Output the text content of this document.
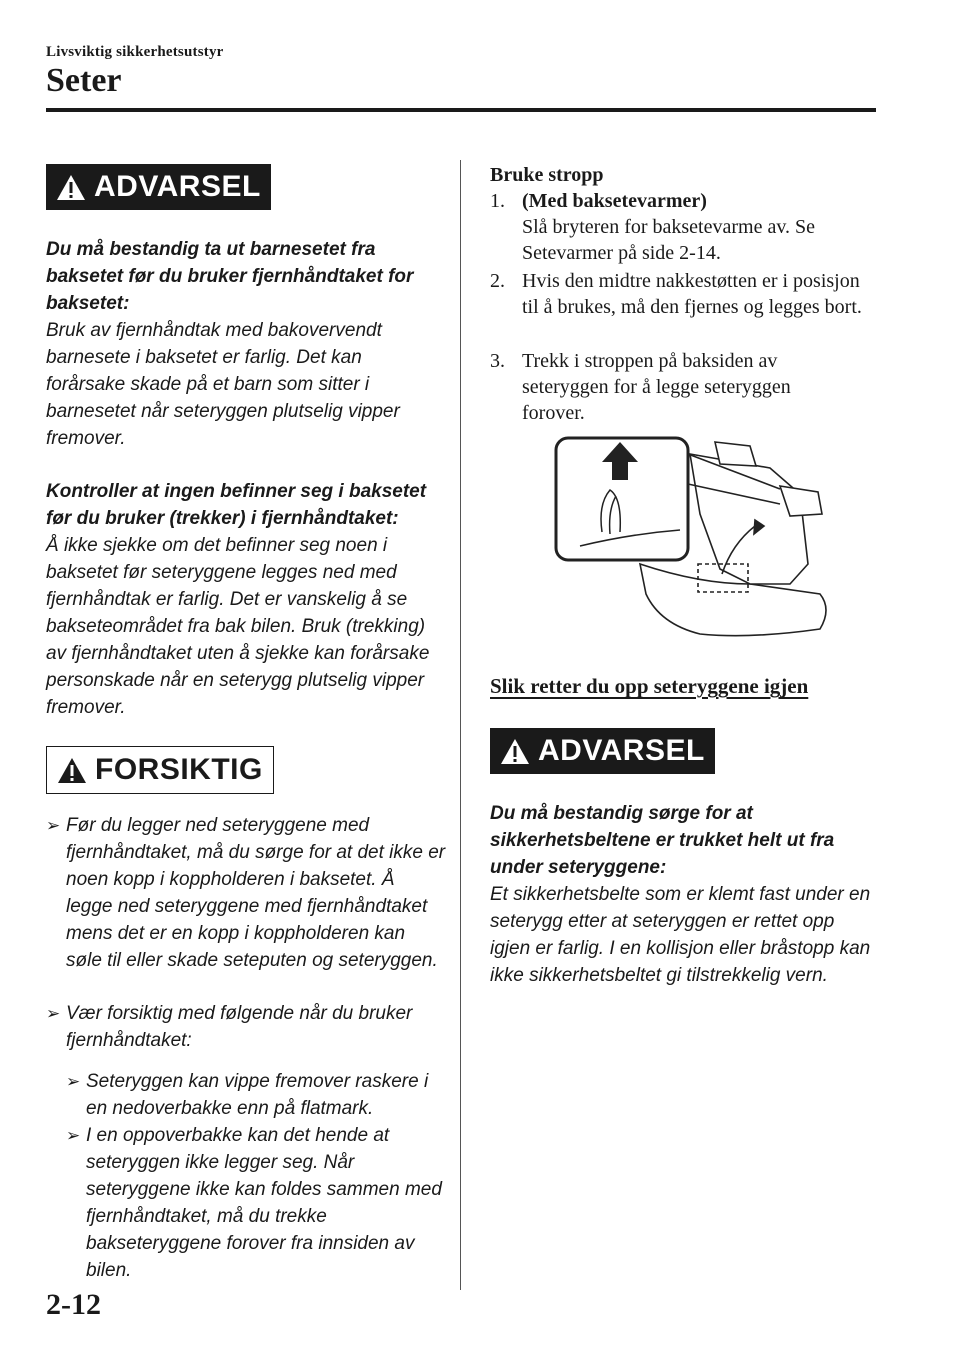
Livsviktig sikkerhetsutstyr
Seter
ADVARSEL

Du må bestandig ta ut barnesetet fra baksetet før du bruker fjernhåndtaket for baksetet:

Bruk av fjernhåndtak med bakovervendt barnesete i baksetet er farlig. Det kan forårsake skade på et barn som sitter i barnesetet når seteryggen plutselig vipper fremover.

Kontroller at ingen befinner seg i baksetet før du bruker (trekker) i fjernhåndtaket:

Å ikke sjekke om det befinner seg noen i baksetet før seteryggene legges ned med fjernhåndtak er farlig. Det er vanskelig å se bakseteområdet fra bak bilen. Bruk (trekking) av fjernhåndtaket uten å sjekke kan forårsake personskade når en seterygg plutselig vipper fremover.

FORSIKTIG
➢ Før du legger ned seteryggene med fjernhåndtaket, må du sørge for at det ikke er noen kopp i koppholderen i baksetet. Å legge ned seteryggene med fjernhåndtaket mens det er en kopp i koppholderen kan søle til eller skade seteputen og seteryggen.
➢ Vær forsiktig med følgende når du bruker fjernhåndtaket:
➢ Seteryggen kan vippe fremover raskere i en nedoverbakke enn på flatmark.
➢ I en oppoverbakke kan det hende at seteryggen ikke legger seg. Når seteryggene ikke kan foldes sammen med fjernhåndtaket, må du trekke bakseteryggene forover fra innsiden av bilen.
Bruke stropp
1. (Med baksetevarmer)
Slå bryteren for baksetevarme av. Se Setevarmer på side 2-14.
2. Hvis den midtre nakkestøtten er i posisjon til å brukes, må den fjernes og legges bort.
3. Trekk i stroppen på baksiden av seteryggen for å legge seteryggen forover.
Slik retter du opp seteryggene igjen
ADVARSEL

Du må bestandig sørge for at sikkerhetsbeltene er trukket helt ut fra under seteryggene:

Et sikkerhetsbelte som er klemt fast under en seterygg etter at seteryggen er rettet opp igjen er farlig. I en kollisjon eller bråstopp kan ikke sikkerhetsbeltet gi tilstrekkelig vern.

2-12
